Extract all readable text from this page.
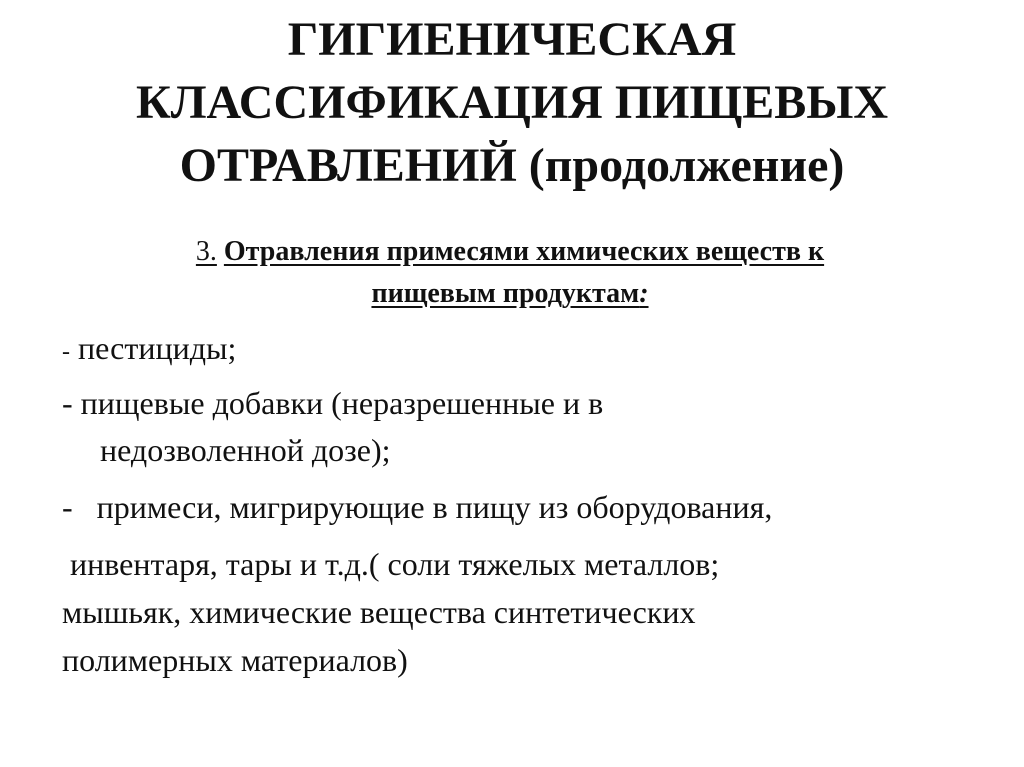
ГИГИЕНИЧЕСКАЯ
КЛАССИФИКАЦИЯ ПИЩЕВЫХ
ОТРАВЛЕНИЙ (продолжение)
3. Отравления примесями химических веществ к
пищевым продуктам:

- пестициды;

- пищевые добавки (неразрешенные и в

недозволенной дозе);

- примеси, мигрирующие в пищу из оборудования,

инвентаря, тары и т.д.( соли тяжелых металлов;

мышьяк, химические вещества синтетических

полимерных материалов)
